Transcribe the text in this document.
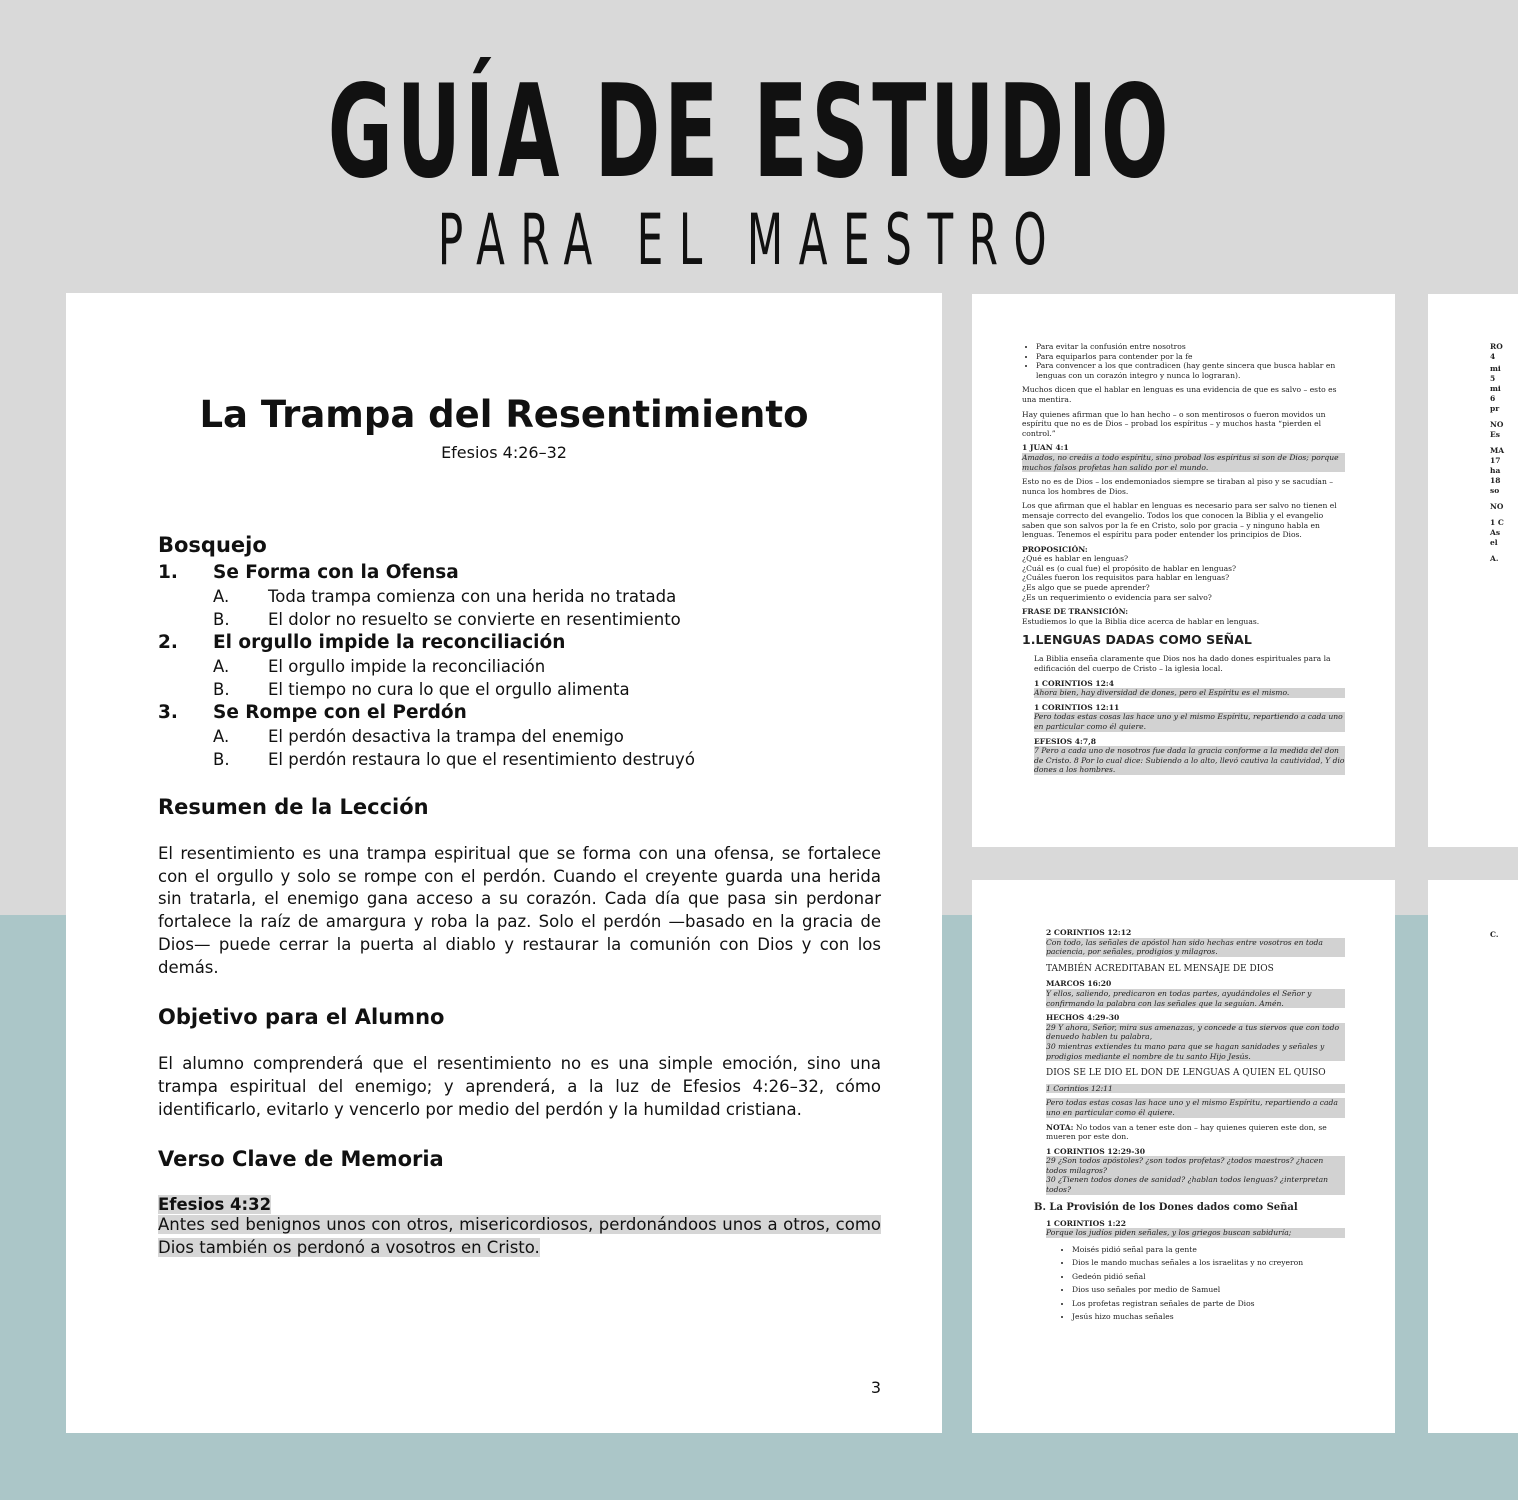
GUÍA DE ESTUDIO
PARA EL MAESTRO
La Trampa del Resentimiento
Efesios 4:26–32
Bosquejo
1.	Se Forma con la Ofensa
A.	Toda trampa comienza con una herida no tratada
B.	El dolor no resuelto se convierte en resentimiento
2.	El orgullo impide la reconciliación
A.	El orgullo impide la reconciliación
B.	El tiempo no cura lo que el orgullo alimenta
3.	Se Rompe con el Perdón
A.	El perdón desactiva la trampa del enemigo
B.	El perdón restaura lo que el resentimiento destruyó
Resumen de la Lección

El resentimiento es una trampa espiritual que se forma con una ofensa, se fortalece con el orgullo y solo se rompe con el perdón. Cuando el creyente guarda una herida sin tratarla, el enemigo gana acceso a su corazón. Cada día que pasa sin perdonar fortalece la raíz de amargura y roba la paz. Solo el perdón —basado en la gracia de Dios— puede cerrar la puerta al diablo y restaurar la comunión con Dios y con los demás.

Objetivo para el Alumno

El alumno comprenderá que el resentimiento no es una simple emoción, sino una trampa espiritual del enemigo; y aprenderá, a la luz de Efesios 4:26–32, cómo identificarlo, evitarlo y vencerlo por medio del perdón y la humildad cristiana.

Verso Clave de Memoria
Efesios 4:32

Antes sed benignos unos con otros, misericordiosos, perdonándoos unos a otros, como Dios también os perdonó a vosotros en Cristo.

3
• Para evitar la confusión entre nosotros
• Para equiparlos para contender por la fe
• Para convencer a los que contradicen (hay gente sincera que busca hablar en lenguas con un corazón integro y nunca lo lograran).

Muchos dicen que el hablar en lenguas es una evidencia de que es salvo – esto es una mentira.

Hay quienes afirman que lo han hecho – o son mentirosos o fueron movidos un espíritu que no es de Dios – probad los espíritus – y muchos hasta “pierden el control.”

1 JUAN 4:1

Amados, no creáis a todo espíritu, sino probad los espíritus si son de Dios; porque muchos falsos profetas han salido por el mundo.

Esto no es de Dios – los endemoniados siempre se tiraban al piso y se sacudían – nunca los hombres de Dios.

Los que afirman que el hablar en lenguas es necesario para ser salvo no tienen el mensaje correcto del evangelio. Todos los que conocen la Biblia y el evangelio saben que son salvos por la fe en Cristo, solo por gracia – y ninguno habla en lenguas. Tenemos el espíritu para poder entender los principios de Dios.

PROPOSICIÓN:
¿Qué es hablar en lenguas?
¿Cuál es (o cual fue) el propósito de hablar en lenguas?
¿Cuáles fueron los requisitos para hablar en lenguas?
¿Es algo que se puede aprender?
¿Es un requerimiento o evidencia para ser salvo?
FRASE DE TRANSICIÓN:

Estudiemos lo que la Biblia dice acerca de hablar en lenguas.

1.LENGUAS DADAS COMO SEÑAL

La Biblia enseña claramente que Dios nos ha dado dones espirituales para la edificación del cuerpo de Cristo – la iglesia local.

1 CORINTIOS 12:4

Ahora bien, hay diversidad de dones, pero el Espíritu es el mismo.

1 CORINTIOS 12:11

Pero todas estas cosas las hace uno y el mismo Espíritu, repartiendo a cada uno en particular como él quiere.

EFESIOS 4:7,8

7 Pero a cada uno de nosotros fue dada la gracia conforme a la medida del don de Cristo. 8 Por lo cual dice: Subiendo a lo alto, llevó cautiva la cautividad, Y dio dones a los hombres.

2 CORINTIOS 12:12

Con todo, las señales de apóstol han sido hechas entre vosotros en toda paciencia, por señales, prodigios y milagros.

TAMBIÉN ACREDITABAN EL MENSAJE DE DIOS

MARCOS 16:20

Y ellos, saliendo, predicaron en todas partes, ayudándoles el Señor y confirmando la palabra con las señales que la seguían. Amén.

HECHOS 4:29-30
29 Y ahora, Señor, mira sus amenazas, y concede a tus siervos que con todo denuedo hablen tu palabra,

30 mientras extiendes tu mano para que se hagan sanidades y señales y prodigios mediante el nombre de tu santo Hijo Jesús.

DIOS SE LE DIO EL DON DE LENGUAS A QUIEN EL QUISO

1 Corintios 12:11

Pero todas estas cosas las hace uno y el mismo Espíritu, repartiendo a cada uno en particular como él quiere.

NOTA: No todos van a tener este don – hay quienes quieren este don, se mueren por este don.

1 CORINTIOS 12:29-30
29 ¿Son todos apóstoles? ¿son todos profetas? ¿todos maestros? ¿hacen todos milagros?

30 ¿Tienen todos dones de sanidad? ¿hablan todos lenguas? ¿interpretan todos?

B. La Provisión de los Dones dados como Señal
1 CORINTIOS 1:22

Porque los judíos piden señales, y los griegos buscan sabiduría;

• Moisés pidió señal para la gente
• Dios le mando muchas señales a los israelitas y no creyeron
• Gedeón pidió señal
• Dios uso señales por medio de Samuel
• Los profetas registran señales de parte de Dios
• Jesús hizo muchas señales
RO
4
mi
5
mi
6
pr
NO
Es
MA
17
ha
18
so
NO
1 C
As
el
A.
C.
